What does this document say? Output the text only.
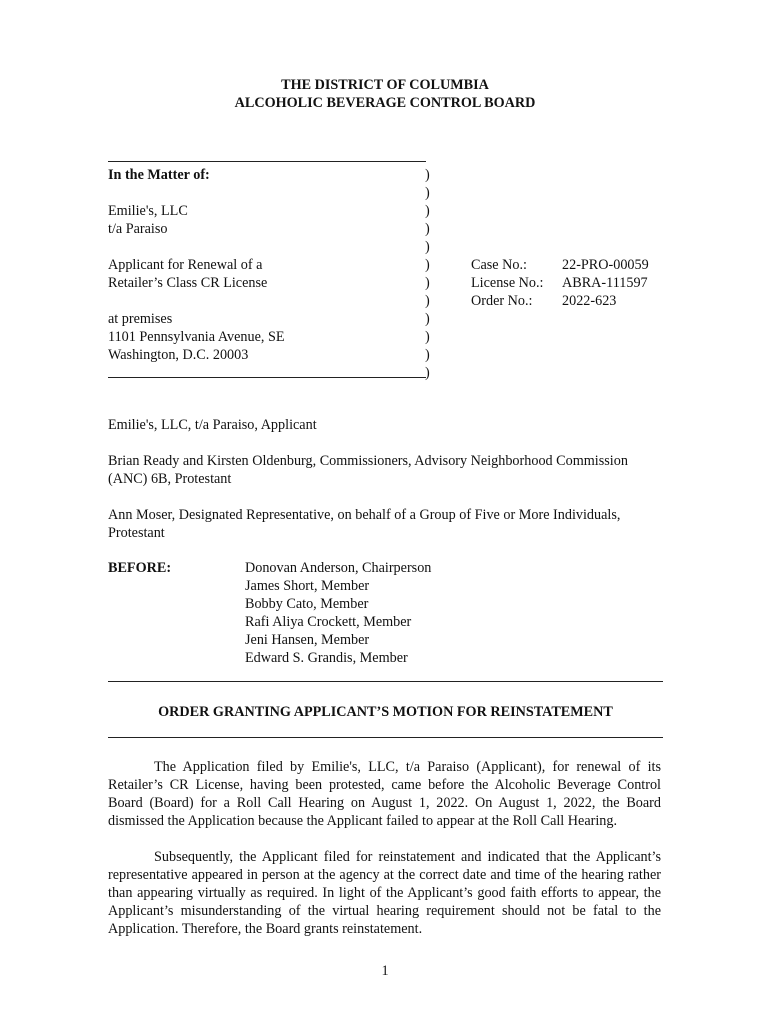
THE DISTRICT OF COLUMBIA
ALCOHOLIC BEVERAGE CONTROL BOARD
In the Matter of:
Emilie's, LLC
t/a Paraiso
Applicant for Renewal of a
Retailer’s Class CR License
at premises
1101 Pennsylvania Avenue, SE
Washington, D.C. 20003
)
)
)
)
)
)
)
)
)
)
)
)
Case No.: 22-PRO-00059
License No.: ABRA-111597
Order No.: 2022-623
Emilie's, LLC, t/a Paraiso, Applicant
Brian Ready and Kirsten Oldenburg, Commissioners, Advisory Neighborhood Commission (ANC) 6B, Protestant
Ann Moser, Designated Representative, on behalf of a Group of Five or More Individuals, Protestant
BEFORE:	Donovan Anderson, Chairperson
James Short, Member
Bobby Cato, Member
Rafi Aliya Crockett, Member
Jeni Hansen, Member
Edward S. Grandis, Member
ORDER GRANTING APPLICANT’S MOTION FOR REINSTATEMENT
The Application filed by Emilie's, LLC, t/a Paraiso (Applicant), for renewal of its Retailer’s CR License, having been protested, came before the Alcoholic Beverage Control Board (Board) for a Roll Call Hearing on August 1, 2022. On August 1, 2022, the Board dismissed the Application because the Applicant failed to appear at the Roll Call Hearing.
Subsequently, the Applicant filed for reinstatement and indicated that the Applicant’s representative appeared in person at the agency at the correct date and time of the hearing rather than appearing virtually as required. In light of the Applicant’s good faith efforts to appear, the Applicant’s misunderstanding of the virtual hearing requirement should not be fatal to the Application. Therefore, the Board grants reinstatement.
1
